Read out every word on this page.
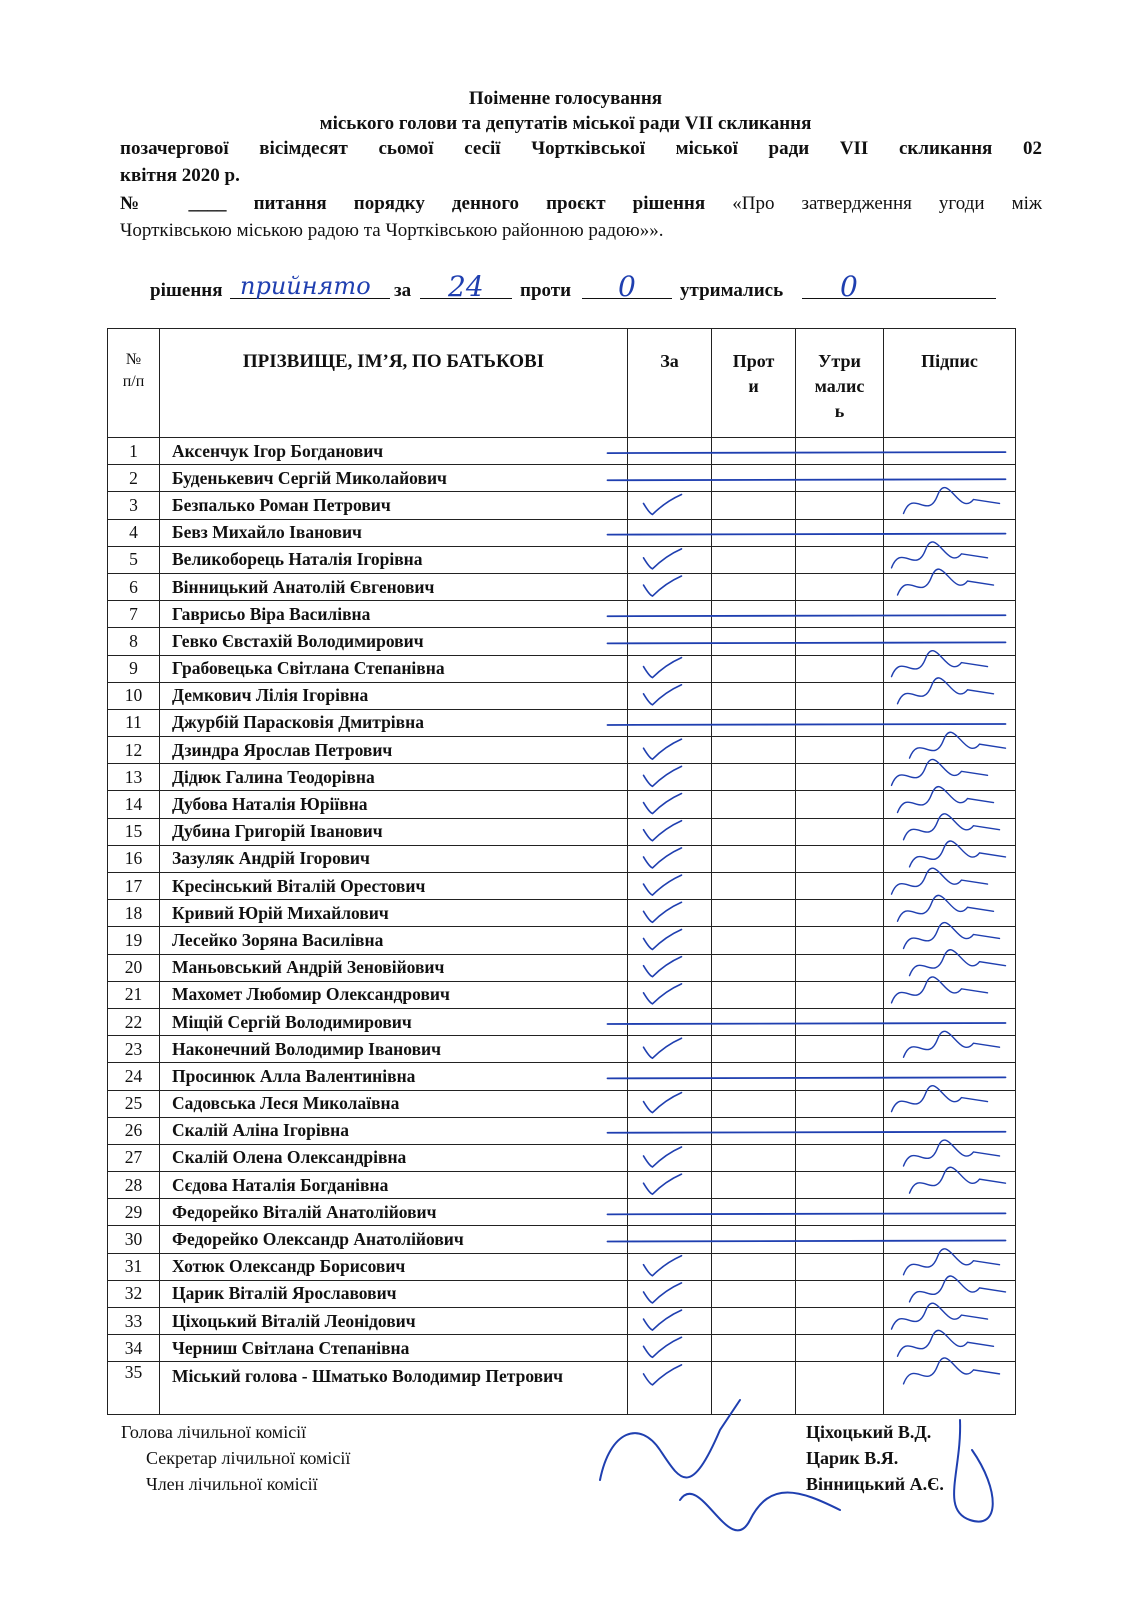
Поіменне голосування
міського голови та депутатів міської ради VII скликання
позачергової вісімдесят сьомої сесії Чортківської міської ради VII скликання 02
квітня 2020 р.
№ ____ питання порядку денного проєкт рішення «Про затвердження угоди між
Чортківською міською радою та Чортківською районною радою»».
рішення прийнято за 24 проти 0 утримались 0
№ п/п	ПРІЗВИЩЕ, ІМ’Я, ПО БАТЬКОВІ	За	Прот и	Утри малис ь	Підпис
1	Аксенчук Ігор Богданович				
2	Буденькевич Сергій Миколайович				
3	Безпалько Роман Петрович				
4	Бевз Михайло Іванович				
5	Великоборець Наталія Ігорівна				
6	Вінницький Анатолій Євгенович				
7	Гаврисьо Віра Василівна				
8	Гевко Євстахій Володимирович				
9	Грабовецька Світлана Степанівна				
10	Демкович Лілія Ігорівна				
11	Джурбій Парасковія Дмитрівна				
12	Дзиндра Ярослав Петрович				
13	Дідюк Галина Теодорівна				
14	Дубова Наталія Юріївна				
15	Дубина Григорій Іванович				
16	Зазуляк Андрій Ігорович				
17	Кресінський Віталій Орестович				
18	Кривий Юрій Михайлович				
19	Лесейко Зоряна Василівна				
20	Маньовський Андрій Зеновійович				
21	Махомет Любомир Олександрович				
22	Міщій Сергій Володимирович				
23	Наконечний Володимир Іванович				
24	Просинюк Алла Валентинівна				
25	Садовська Леся Миколаївна				
26	Скалій Аліна Ігорівна				
27	Скалій Олена Олександрівна				
28	Сєдова Наталія Богданівна				
29	Федорейко Віталій Анатолійович				
30	Федорейко Олександр Анатолійович				
31	Хотюк Олександр Борисович				
32	Царик Віталій Ярославович				
33	Ціхоцький Віталій Леонідович				
34	Черниш Світлана Степанівна				
35	Міський голова - Шматько Володимир Петрович				
Голова лічильної комісії
Секретар лічильної комісії
Член лічильної комісії
Ціхоцький В.Д.
Царик В.Я.
Вінницький А.Є.
